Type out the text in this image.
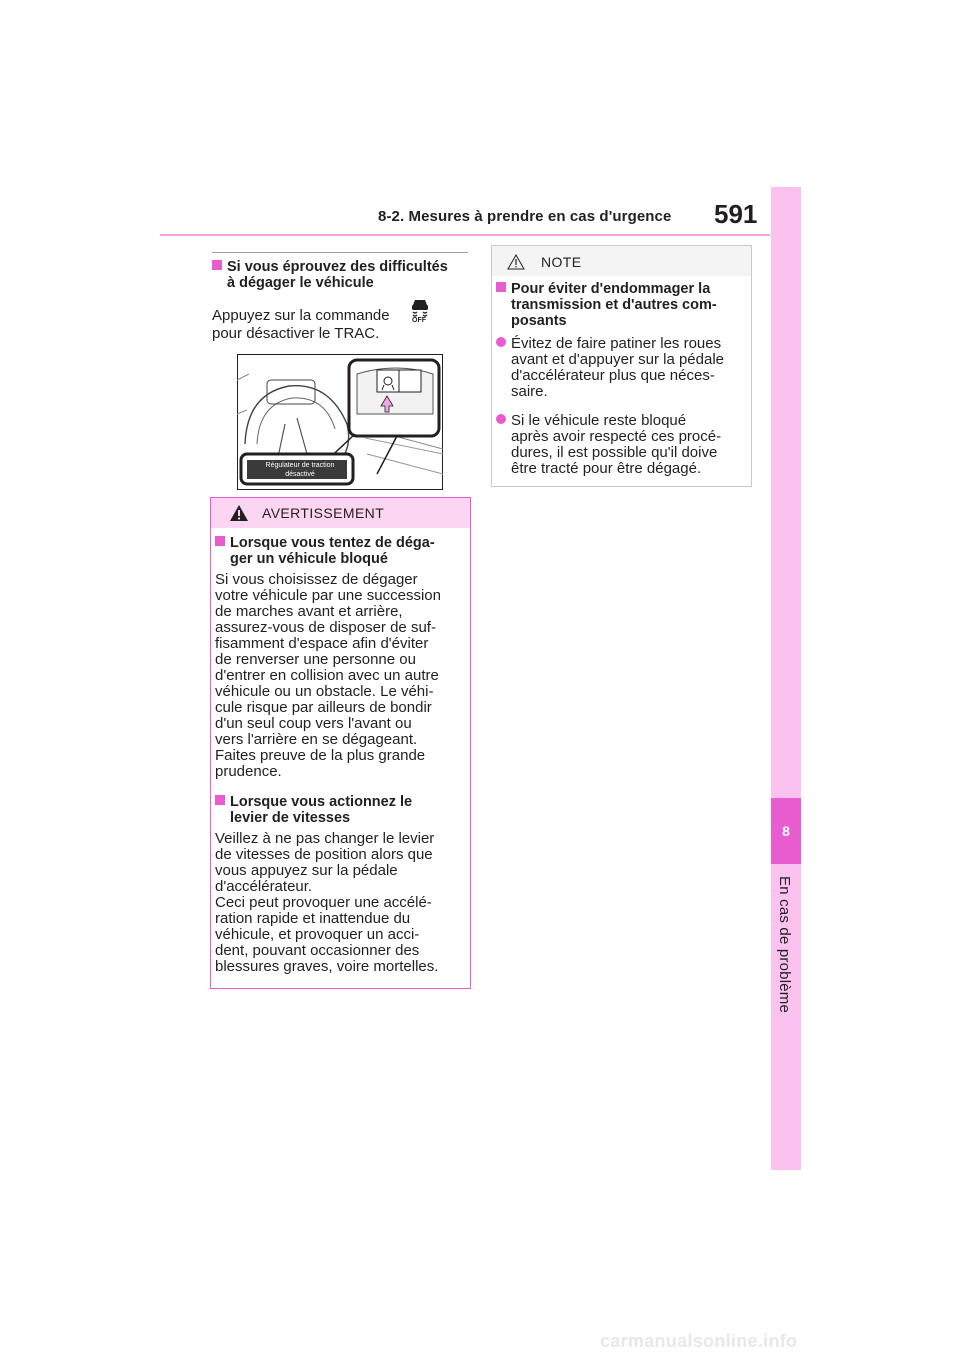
8-2. Mesures à prendre en cas d'urgence 591
8
En cas de problème
Si vous éprouvez des difficultés
à dégager le véhicule
Appuyez sur la commande
pour désactiver le TRAC.
OFF
Régulateur de traction désactivé
AVERTISSEMENT
Lorsque vous tentez de déga-
ger un véhicule bloqué
Si vous choisissez de dégager
votre véhicule par une succession
de marches avant et arrière,
assurez-vous de disposer de suf-
fisamment d'espace afin d'éviter
de renverser une personne ou
d'entrer en collision avec un autre
véhicule ou un obstacle. Le véhi-
cule risque par ailleurs de bondir
d'un seul coup vers l'avant ou
vers l'arrière en se dégageant.
Faites preuve de la plus grande
prudence.
Lorsque vous actionnez le
levier de vitesses
Veillez à ne pas changer le levier
de vitesses de position alors que
vous appuyez sur la pédale
d'accélérateur.
Ceci peut provoquer une accélé-
ration rapide et inattendue du
véhicule, et provoquer un acci-
dent, pouvant occasionner des
blessures graves, voire mortelles.
NOTE
Pour éviter d'endommager la
transmission et d'autres com-
posants
Évitez de faire patiner les roues
avant et d'appuyer sur la pédale
d'accélérateur plus que néces-
saire.
Si le véhicule reste bloqué
après avoir respecté ces procé-
dures, il est possible qu'il doive
être tracté pour être dégagé.
carmanualsonline.info
